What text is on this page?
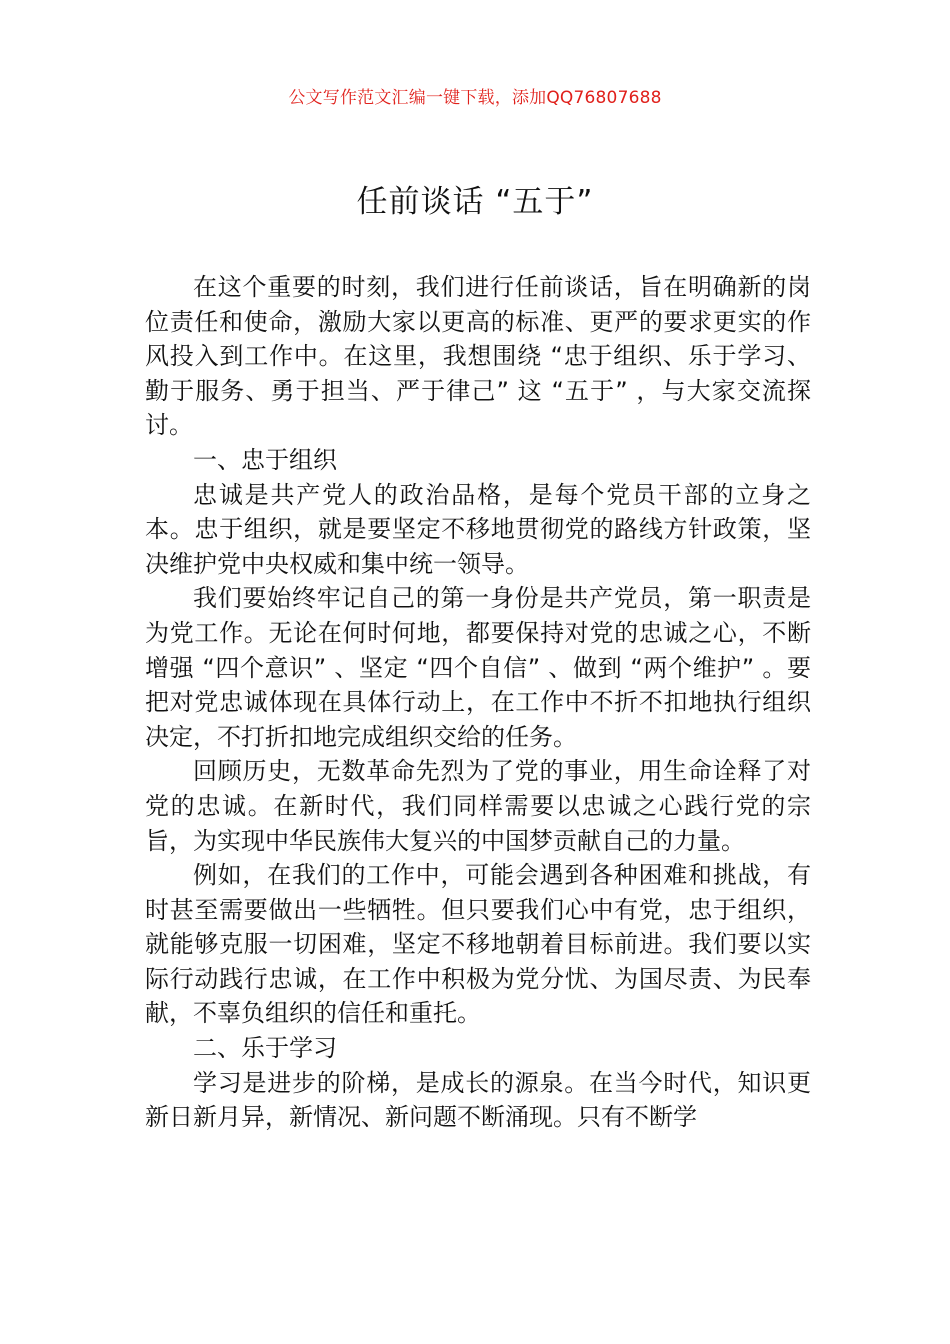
公文写作范文汇编一键下载，添加QQ76807688
任前谈话 “五于”

在这个重要的时刻，我们进行任前谈话，旨在明确新的岗位责任和使命，激励大家以更高的标准、更严的要求更实的作风投入到工作中。在这里，我想围绕 “忠于组织、乐于学习、勤于服务、勇于担当、严于律己” 这 “五于” ，与大家交流探讨。

一、忠于组织

忠诚是共产党人的政治品格，是每个党员干部的立身之本。忠于组织，就是要坚定不移地贯彻党的路线方针政策，坚决维护党中央权威和集中统一领导。

我们要始终牢记自己的第一身份是共产党员，第一职责是为党工作。无论在何时何地，都要保持对党的忠诚之心，不断增强 “四个意识” 、坚定 “四个自信” 、做到 “两个维护” 。要把对党忠诚体现在具体行动上，在工作中不折不扣地执行组织决定，不打折扣地完成组织交给的任务。

回顾历史，无数革命先烈为了党的事业，用生命诠释了对党的忠诚。在新时代，我们同样需要以忠诚之心践行党的宗旨，为实现中华民族伟大复兴的中国梦贡献自己的力量。

例如，在我们的工作中，可能会遇到各种困难和挑战，有时甚至需要做出一些牺牲。但只要我们心中有党，忠于组织，就能够克服一切困难，坚定不移地朝着目标前进。我们要以实际行动践行忠诚，在工作中积极为党分忧、为国尽责、为民奉献，不辜负组织的信任和重托。

二、乐于学习

学习是进步的阶梯，是成长的源泉。在当今时代，知识更新日新月异，新情况、新问题不断涌现。只有不断学
